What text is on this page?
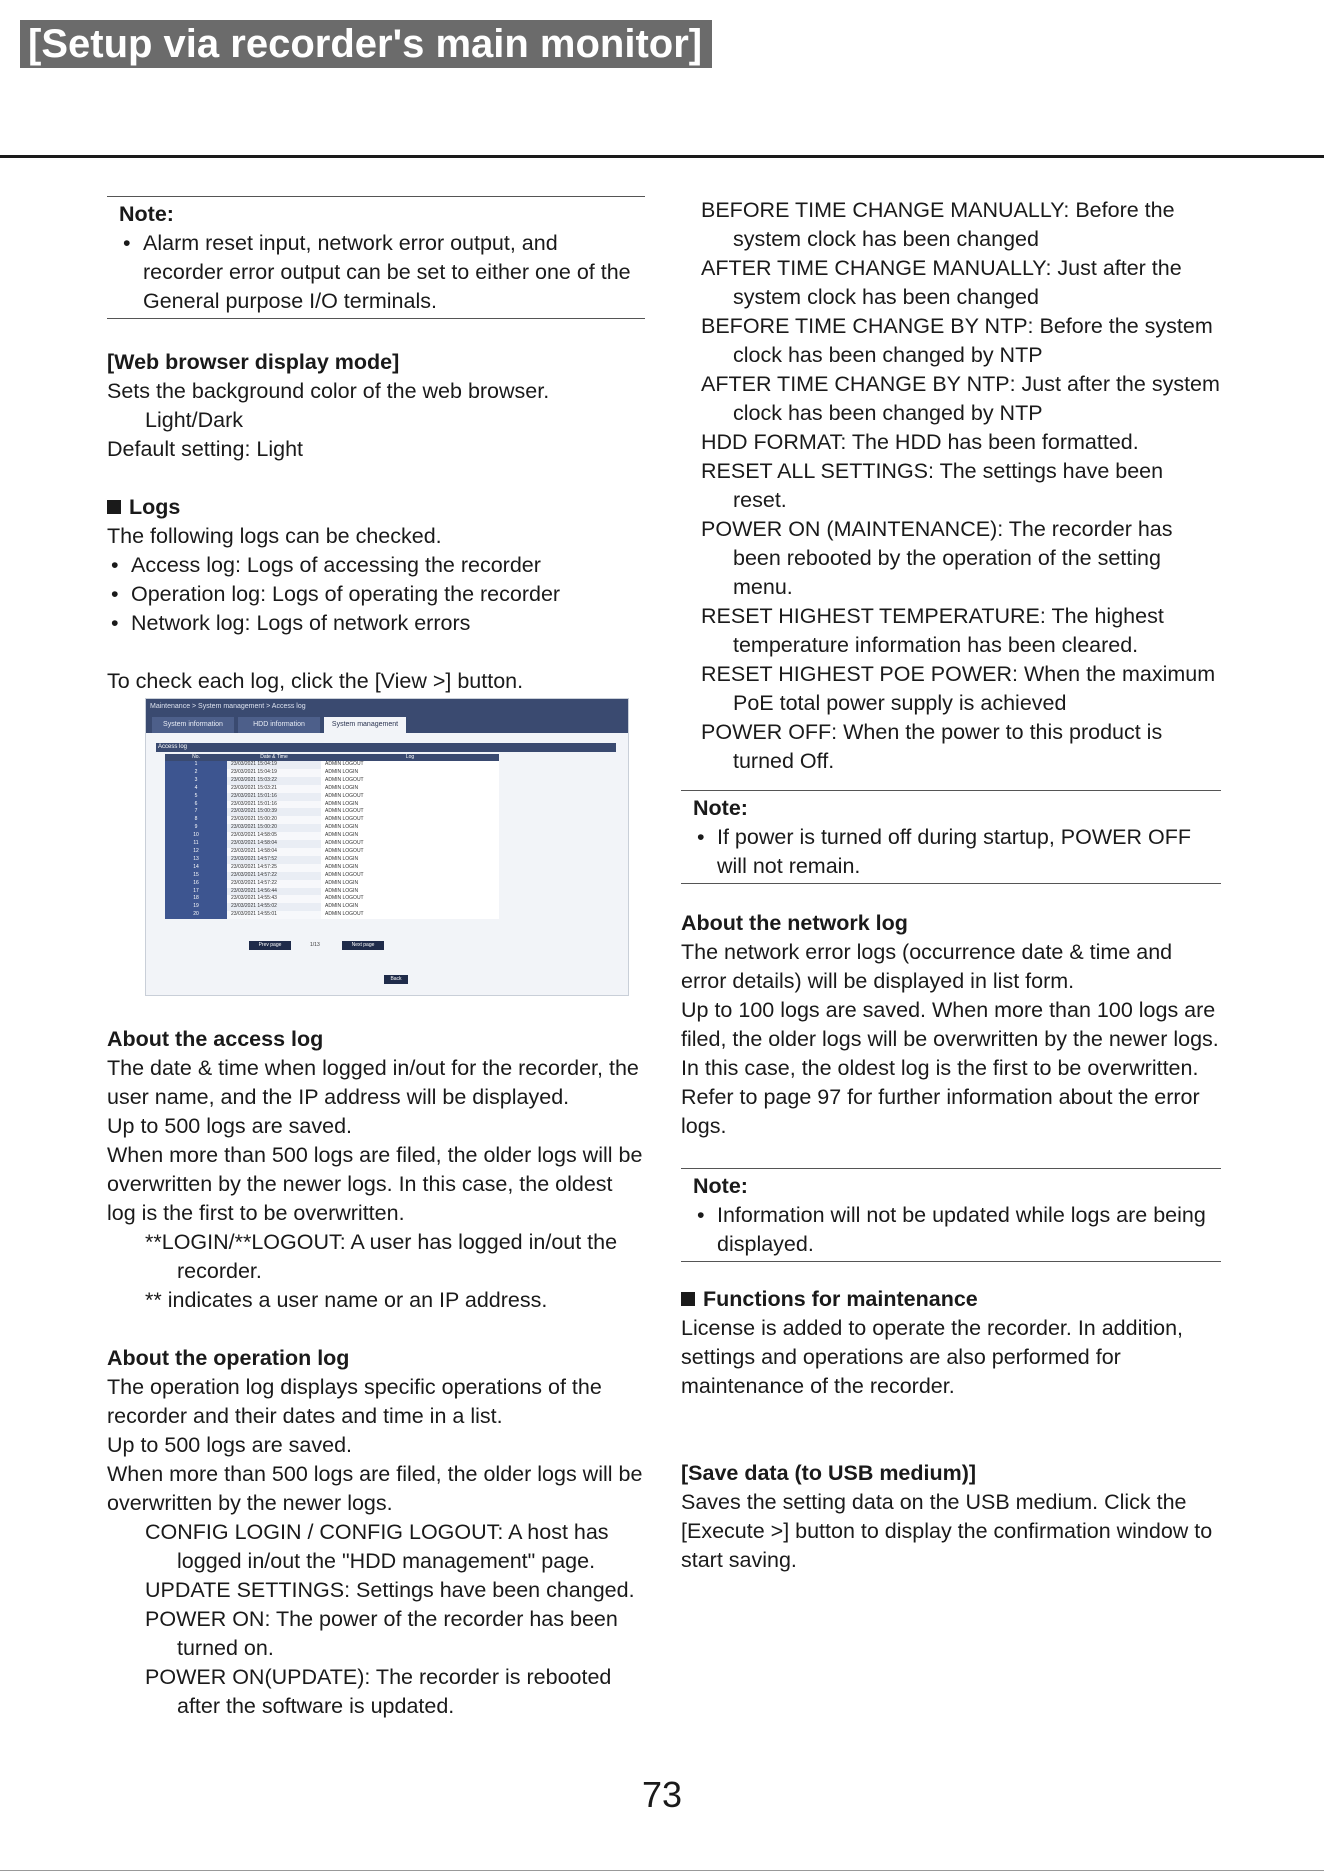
[Setup via recorder's main monitor]
Note:
• Alarm reset input, network error output, and recorder error output can be set to either one of the General purpose I/O terminals.
[Web browser display mode]
Sets the background color of the web browser.
Light/Dark
Default setting: Light
Logs
The following logs can be checked.
• Access log: Logs of accessing the recorder
• Operation log: Logs of operating the recorder
• Network log: Logs of network errors
To check each log, click the [View >] button.
Maintenance > System management > Access log
System information	HDD information	System management
Access log
No.	Date & Time	Log
1	23/03/2021 15:04:19	ADMIN LOGOUT
2	23/03/2021 15:04:19	ADMIN LOGIN
3	23/03/2021 15:03:22	ADMIN LOGOUT
4	23/03/2021 15:03:21	ADMIN LOGIN
5	23/03/2021 15:01:16	ADMIN LOGOUT
6	23/03/2021 15:01:16	ADMIN LOGIN
7	23/03/2021 15:00:39	ADMIN LOGOUT
8	23/03/2021 15:00:20	ADMIN LOGOUT
9	23/03/2021 15:00:20	ADMIN LOGIN
10	23/03/2021 14:58:05	ADMIN LOGIN
11	23/03/2021 14:58:04	ADMIN LOGOUT
12	23/03/2021 14:58:04	ADMIN LOGOUT
13	23/03/2021 14:57:52	ADMIN LOGIN
14	23/03/2021 14:57:25	ADMIN LOGIN
15	23/03/2021 14:57:22	ADMIN LOGOUT
16	23/03/2021 14:57:22	ADMIN LOGIN
17	23/03/2021 14:56:44	ADMIN LOGIN
18	23/03/2021 14:55:43	ADMIN LOGOUT
19	23/03/2021 14:55:02	ADMIN LOGIN
20	23/03/2021 14:55:01	ADMIN LOGOUT
Prev page	1/13	Next page
Back
About the access log
The date & time when logged in/out for the recorder, the user name, and the IP address will be displayed.
Up to 500 logs are saved.
When more than 500 logs are filed, the older logs will be overwritten by the newer logs. In this case, the oldest log is the first to be overwritten.
**LOGIN/**LOGOUT: A user has logged in/out the recorder.
** indicates a user name or an IP address.
About the operation log
The operation log displays specific operations of the recorder and their dates and time in a list.
Up to 500 logs are saved.
When more than 500 logs are filed, the older logs will be overwritten by the newer logs.
CONFIG LOGIN / CONFIG LOGOUT: A host has logged in/out the "HDD management" page.
UPDATE SETTINGS: Settings have been changed.
POWER ON: The power of the recorder has been turned on.
POWER ON(UPDATE): The recorder is rebooted after the software is updated.
BEFORE TIME CHANGE MANUALLY: Before the system clock has been changed
AFTER TIME CHANGE MANUALLY: Just after the system clock has been changed
BEFORE TIME CHANGE BY NTP: Before the system clock has been changed by NTP
AFTER TIME CHANGE BY NTP: Just after the system clock has been changed by NTP
HDD FORMAT: The HDD has been formatted.
RESET ALL SETTINGS: The settings have been reset.
POWER ON (MAINTENANCE): The recorder has been rebooted by the operation of the setting menu.
RESET HIGHEST TEMPERATURE: The highest temperature information has been cleared.
RESET HIGHEST POE POWER: When the maximum PoE total power supply is achieved
POWER OFF: When the power to this product is turned Off.
Note:
• If power is turned off during startup, POWER OFF will not remain.
About the network log
The network error logs (occurrence date & time and error details) will be displayed in list form.
Up to 100 logs are saved. When more than 100 logs are filed, the older logs will be overwritten by the newer logs. In this case, the oldest log is the first to be overwritten. Refer to page 97 for further information about the error logs.
Note:
• Information will not be updated while logs are being displayed.
Functions for maintenance
License is added to operate the recorder. In addition, settings and operations are also performed for maintenance of the recorder.
[Save data (to USB medium)]
Saves the setting data on the USB medium. Click the [Execute >] button to display the confirmation window to start saving.
73
